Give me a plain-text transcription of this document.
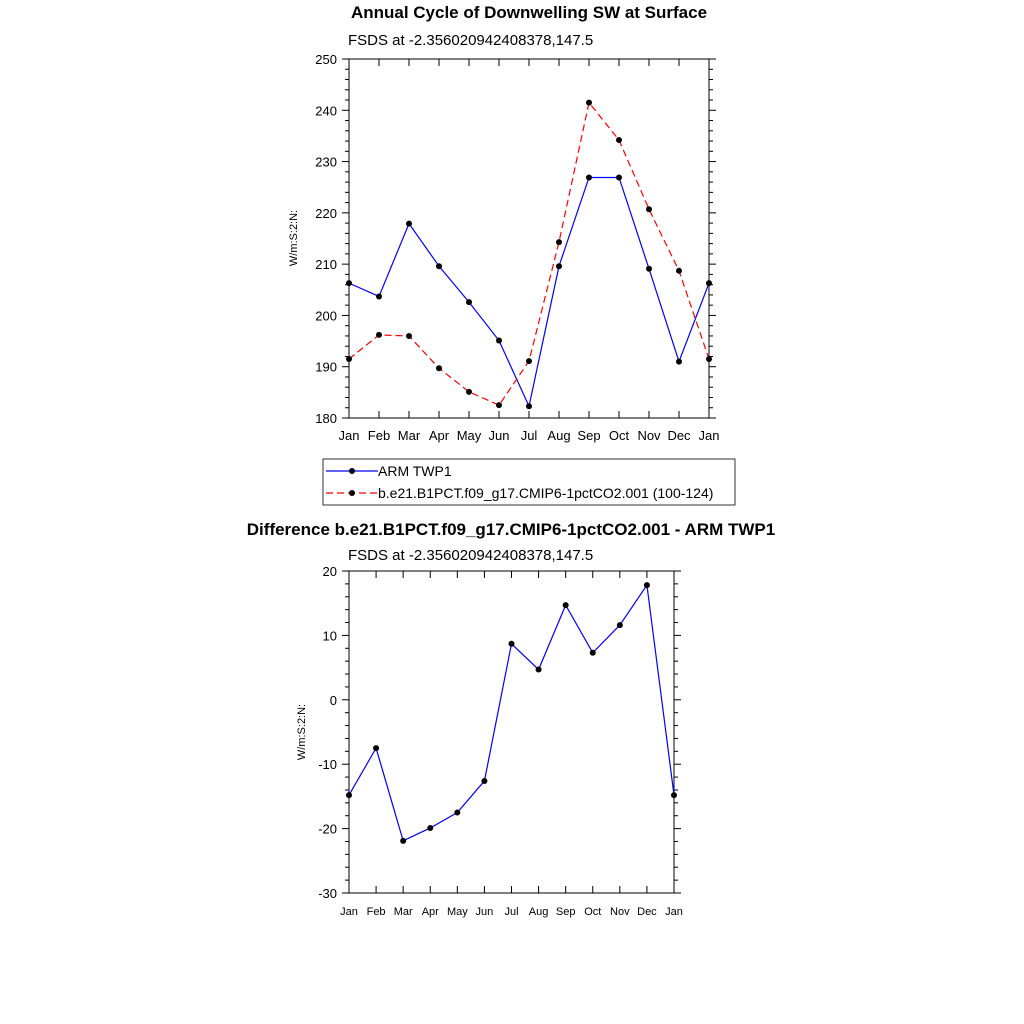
Annual Cycle of Downwelling SW at Surface
FSDS at -2.356020942408378,147.5
W/m:S:2:N:
Jan Feb Mar Apr May Jun Jul Aug Sep Oct Nov Dec Jan
180
190
200
210
220
230
240
250
ARM TWP1
b.e21.B1PCT.f09_g17.CMIP6-1pctCO2.001 (100-124)
Difference b.e21.B1PCT.f09_g17.CMIP6-1pctCO2.001 - ARM TWP1
FSDS at -2.356020942408378,147.5
W/m:S:2:N:
Jan Feb Mar Apr May Jun Jul Aug Sep Oct Nov Dec Jan
-30
-20
-10
0
10
20
